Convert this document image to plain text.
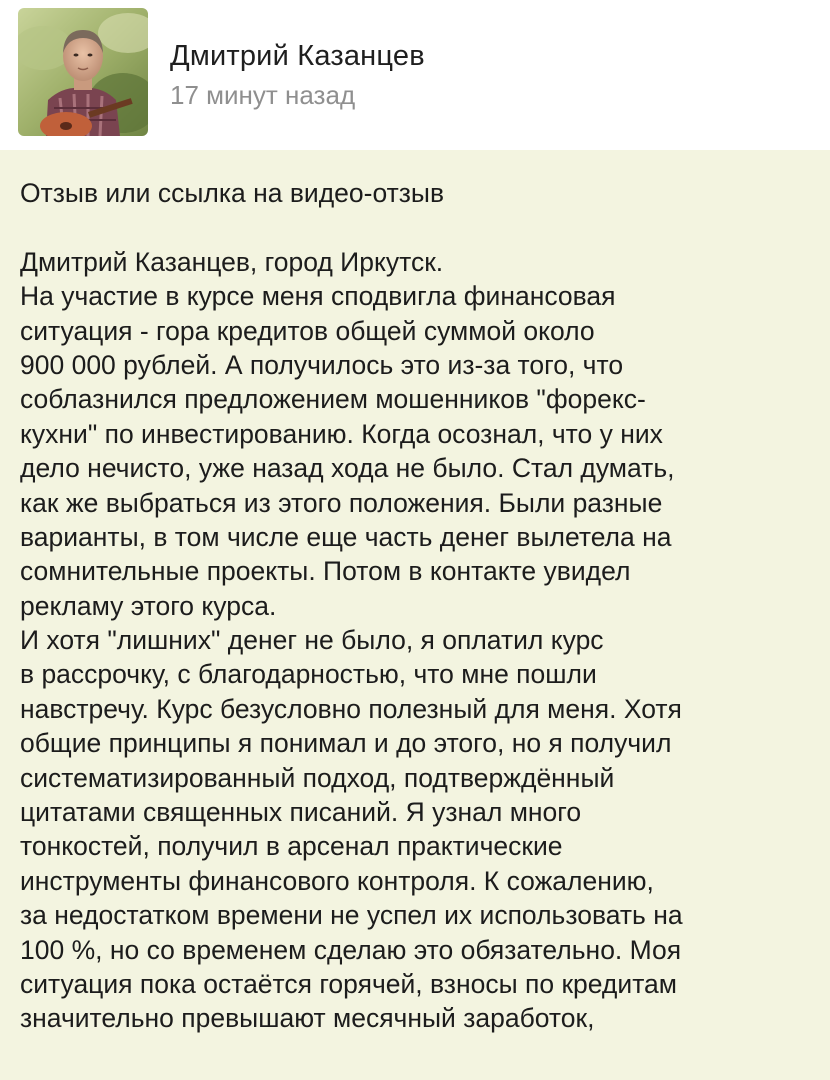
Дмитрий Казанцев
17 минут назад
Отзыв или ссылка на видео-отзыв
Дмитрий Казанцев, город Иркутск.
На участие в курсе меня сподвигла финансовая
ситуация - гора кредитов общей суммой около
900 000 рублей. А получилось это из-за того, что
соблазнился предложением мошенников "форекс-
кухни" по инвестированию. Когда осознал, что у них
дело нечисто, уже назад хода не было. Стал думать,
как же выбраться из этого положения. Были разные
варианты, в том числе еще часть денег вылетела на
сомнительные проекты. Потом в контакте увидел
рекламу этого курса.
И хотя "лишних" денег не было, я оплатил курс
в рассрочку, с благодарностью, что мне пошли
навстречу. Курс безусловно полезный для меня. Хотя
общие принципы я понимал и до этого, но я получил
систематизированный подход, подтверждённый
цитатами священных писаний. Я узнал много
тонкостей, получил в арсенал практические
инструменты финансового контроля. К сожалению,
за недостатком времени не успел их использовать на
100 %, но со временем сделаю это обязательно. Моя
ситуация пока остаётся горячей, взносы по кредитам
значительно превышают месячный заработок,
